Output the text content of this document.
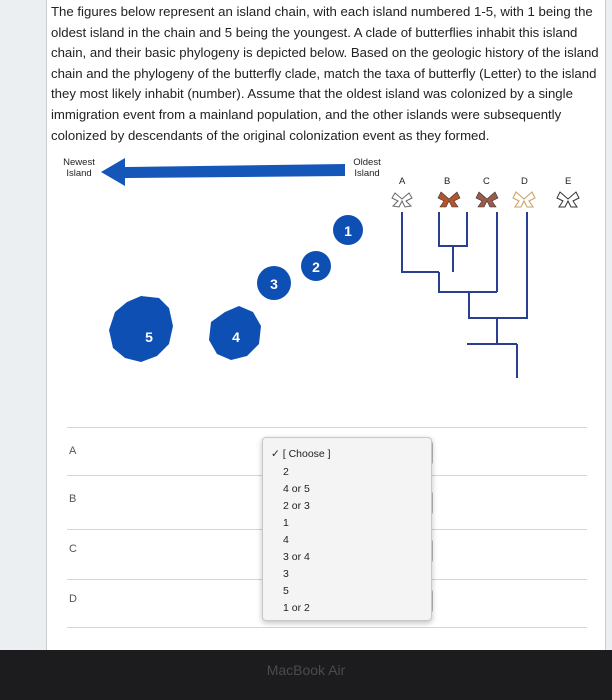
The figures below represent an island chain, with each island numbered 1-5, with 1 being the oldest island in the chain and 5 being the youngest. A clade of butterflies inhabit this island chain, and their basic phylogeny is depicted below. Based on the geologic history of the island chain and the phylogeny of the butterfly clade, match the taxa of butterfly (Letter) to the island they most likely inhabit (number). Assume that the oldest island was colonized by a single immigration event from a mainland population, and the other islands were subsequently colonized by descendants of the original colonization event as they formed.

5	4
3
2
1
Newest Island
Oldest Island
A	B	C	D	E
A
B
C
D
✓ [ Choose ]
2
4 or 5
2 or 3
1
4
3 or 4
3
5
1 or 2
MacBook Air
